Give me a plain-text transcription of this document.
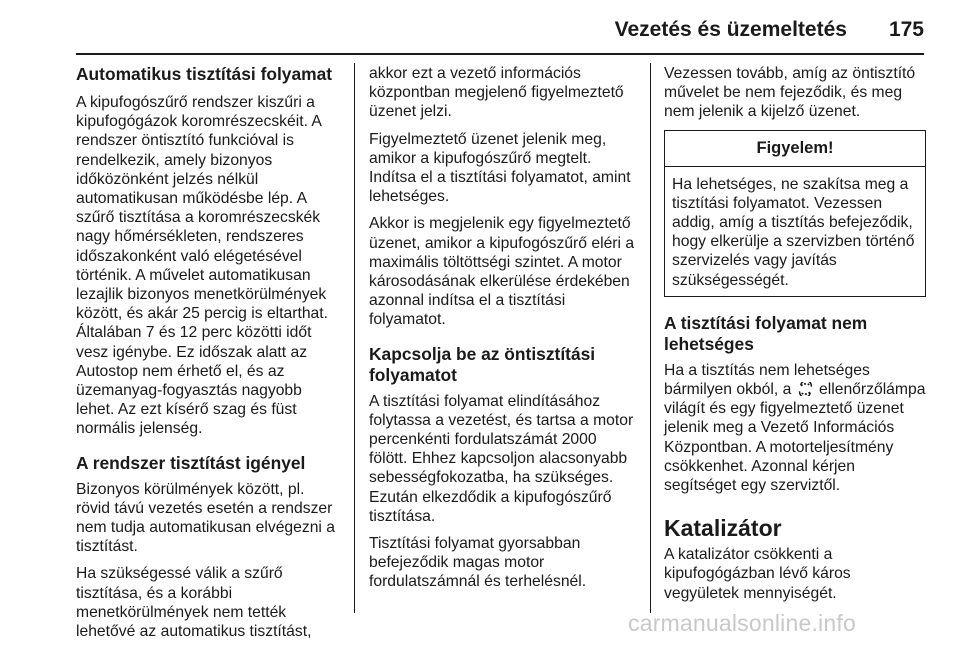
Vezetés és üzemeltetés 175
Automatikus tisztítási folyamat

A kipufogószűrő rendszer kiszűri a kipufogógázok koromrészecskéit. A rendszer öntisztító funkcióval is rendelkezik, amely bizonyos időközönként jelzés nélkül automatikusan működésbe lép. A szűrő tisztítása a koromrészecskék nagy hőmérsékleten, rendszeres időszakonként való elégetésével történik. A művelet automatikusan lezajlik bizonyos menetkörülmények között, és akár 25 percig is eltarthat. Általában 7 és 12 perc közötti időt vesz igénybe. Ez időszak alatt az Autostop nem érhető el, és az üzemanyag-fogyasztás nagyobb lehet. Az ezt kísérő szag és füst normális jelenség.

A rendszer tisztítást igényel

Bizonyos körülmények között, pl. rövid távú vezetés esetén a rendszer nem tudja automatikusan elvégezni a tisztítást.

Ha szükségessé válik a szűrő tisztítása, és a korábbi menetkörülmények nem tették lehetővé az automatikus tisztítást,

akkor ezt a vezető információs központban megjelenő figyelmeztető üzenet jelzi.

Figyelmeztető üzenet jelenik meg, amikor a kipufogószűrő megtelt. Indítsa el a tisztítási folyamatot, amint lehetséges.

Akkor is megjelenik egy figyelmeztető üzenet, amikor a kipufogószűrő eléri a maximális töltöttségi szintet. A motor károsodásának elkerülése érdekében azonnal indítsa el a tisztítási folyamatot.

Kapcsolja be az öntisztítási folyamatot

A tisztítási folyamat elindításához folytassa a vezetést, és tartsa a motor percenkénti fordulatszámát 2000 fölött. Ehhez kapcsoljon alacsonyabb sebességfokozatba, ha szükséges. Ezután elkezdődik a kipufogószűrő tisztítása.

Tisztítási folyamat gyorsabban befejeződik magas motor fordulatszámnál és terhelésnél.

Vezessen tovább, amíg az öntisztító művelet be nem fejeződik, és meg nem jelenik a kijelző üzenet.

Figyelem!

Ha lehetséges, ne szakítsa meg a tisztítási folyamatot. Vezessen addig, amíg a tisztítás befejeződik, hogy elkerülje a szervizben történő szervizelés vagy javítás szükségességét.

A tisztítási folyamat nem lehetséges

Ha a tisztítás nem lehetséges bármilyen okból, a ellenőrzőlámpa világít és egy figyelmeztető üzenet jelenik meg a Vezető Információs Központban. A motorteljesítmény csökkenhet. Azonnal kérjen segítséget egy szerviztől.

Katalizátor

A katalizátor csökkenti a kipufogógázban lévő káros vegyületek mennyiségét.

carmanualsonline.info
